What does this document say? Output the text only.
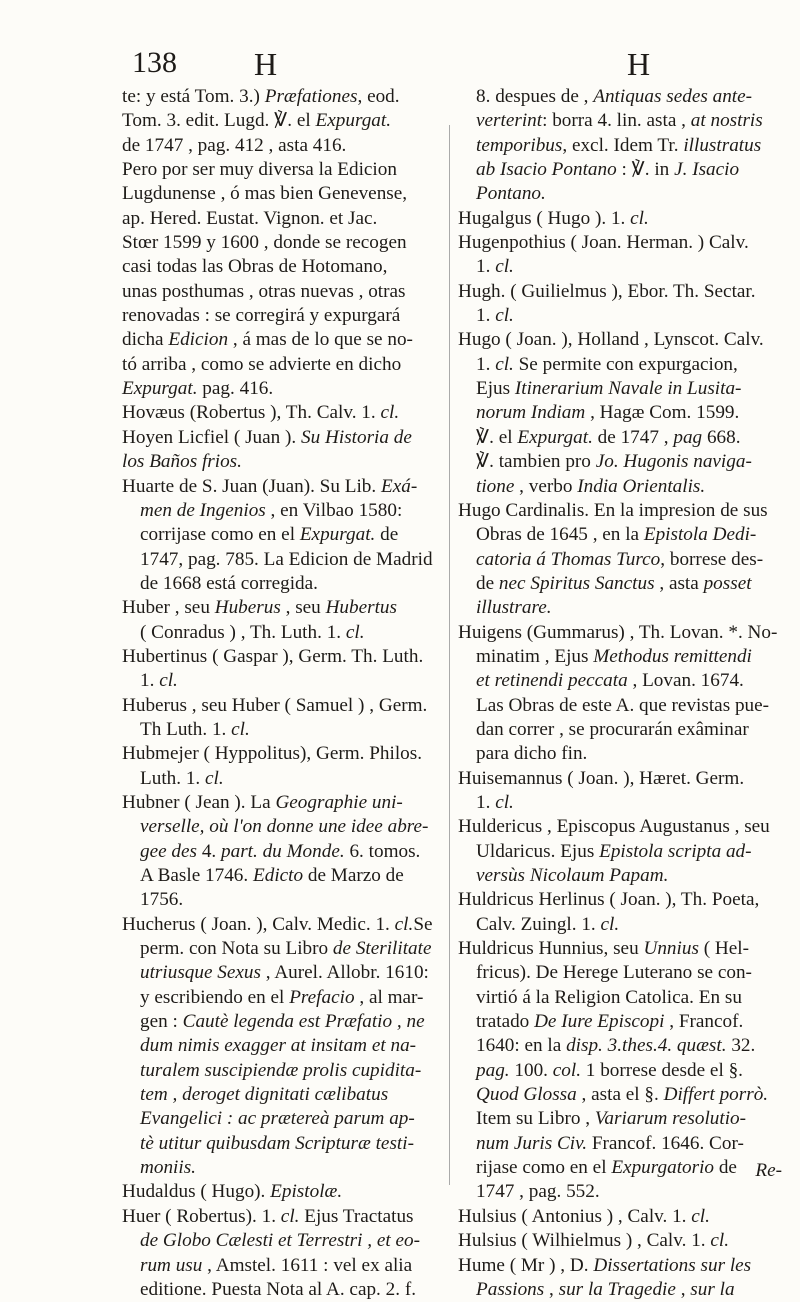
138 H	H
te: y está Tom. 3.) Præfationes, eod.
Tom. 3. edit. Lugd. ℣. el Expurgat.
de 1747 , pag. 412 , asta 416.
Pero por ser muy diversa la Edicion
Lugdunense , ó mas bien Genevense,
ap. Hered. Eustat. Vignon. et Jac.
Stœr 1599 y 1600 , donde se recogen
casi todas las Obras de Hotomano,
unas posthumas , otras nuevas , otras
renovadas : se corregirá y expurgará
dicha Edicion , á mas de lo que se no-
tó arriba , como se advierte en dicho
Expurgat. pag. 416.
Hovæus (Robertus ), Th. Calv. 1. cl.
Hoyen Licfiel ( Juan ). Su Historia de
los Baños frios.
Huarte de S. Juan (Juan). Su Lib. Exá-
men de Ingenios , en Vilbao 1580:
corrijase como en el Expurgat. de
1747, pag. 785. La Edicion de Madrid
de 1668 está corregida.
Huber , seu Huberus , seu Hubertus
( Conradus ) , Th. Luth. 1. cl.
Hubertinus ( Gaspar ), Germ. Th. Luth.
1. cl.
Huberus , seu Huber ( Samuel ) , Germ.
Th Luth. 1. cl.
Hubmejer ( Hyppolitus), Germ. Philos.
Luth. 1. cl.
Hubner ( Jean ). La Geographie uni-
verselle, où l'on donne une idee abre-
gee des 4. part. du Monde. 6. tomos.
A Basle 1746. Edicto de Marzo de
1756.
Hucherus ( Joan. ), Calv. Medic. 1. cl.Se
perm. con Nota su Libro de Sterilitate
utriusque Sexus , Aurel. Allobr. 1610:
y escribiendo en el Prefacio , al mar-
gen : Cautè legenda est Præfatio , ne
dum nimis exagger at insitam et na-
turalem suscipiendæ prolis cupidita-
tem , deroget dignitati cælibatus
Evangelici : ac prætereà parum ap-
tè utitur quibusdam Scripturæ testi-
moniis.
Hudaldus ( Hugo). Epistolæ.
Huer ( Robertus). 1. cl. Ejus Tractatus
de Globo Cælesti et Terrestri , et eo-
rum usu , Amstel. 1611 : vel ex alia
editione. Puesta Nota al A. cap. 2. f.
8. despues de , Antiquas sedes ante-
verterint: borra 4. lin. asta , at nostris
temporibus, excl. Idem Tr. illustratus
ab Isacio Pontano : ℣. in J. Isacio
Pontano.
Hugalgus ( Hugo ). 1. cl.
Hugenpothius ( Joan. Herman. ) Calv.
1. cl.
Hugh. ( Guilielmus ), Ebor. Th. Sectar.
1. cl.
Hugo ( Joan. ), Holland , Lynscot. Calv.
1. cl. Se permite con expurgacion,
Ejus Itinerarium Navale in Lusita-
norum Indiam , Hagæ Com. 1599.
℣. el Expurgat. de 1747 , pag 668.
℣. tambien pro Jo. Hugonis naviga-
tione , verbo India Orientalis.
Hugo Cardinalis. En la impresion de sus
Obras de 1645 , en la Epistola Dedi-
catoria á Thomas Turco, borrese des-
de nec Spiritus Sanctus , asta posset
illustrare.
Huigens (Gummarus) , Th. Lovan. *. No-
minatim , Ejus Methodus remittendi
et retinendi peccata , Lovan. 1674.
Las Obras de este A. que revistas pue-
dan correr , se procurarán exâminar
para dicho fin.
Huisemannus ( Joan. ), Hæret. Germ.
1. cl.
Huldericus , Episcopus Augustanus , seu
Uldaricus. Ejus Epistola scripta ad-
versùs Nicolaum Papam.
Huldricus Herlinus ( Joan. ), Th. Poeta,
Calv. Zuingl. 1. cl.
Huldricus Hunnius, seu Unnius ( Hel-
fricus). De Herege Luterano se con-
virtió á la Religion Catolica. En su
tratado De Iure Episcopi , Francof.
1640: en la disp. 3.thes.4. quæst. 32.
pag. 100. col. 1 borrese desde el §.
Quod Glossa , asta el §. Differt porrò.
Item su Libro , Variarum resolutio-
num Juris Civ. Francof. 1646. Cor-
rijase como en el Expurgatorio de
1747 , pag. 552.
Hulsius ( Antonius ) , Calv. 1. cl.
Hulsius ( Wilhielmus ) , Calv. 1. cl.
Hume ( Mr ) , D. Dissertations sur les
Passions , sur la Tragedie , sur la
Re-
